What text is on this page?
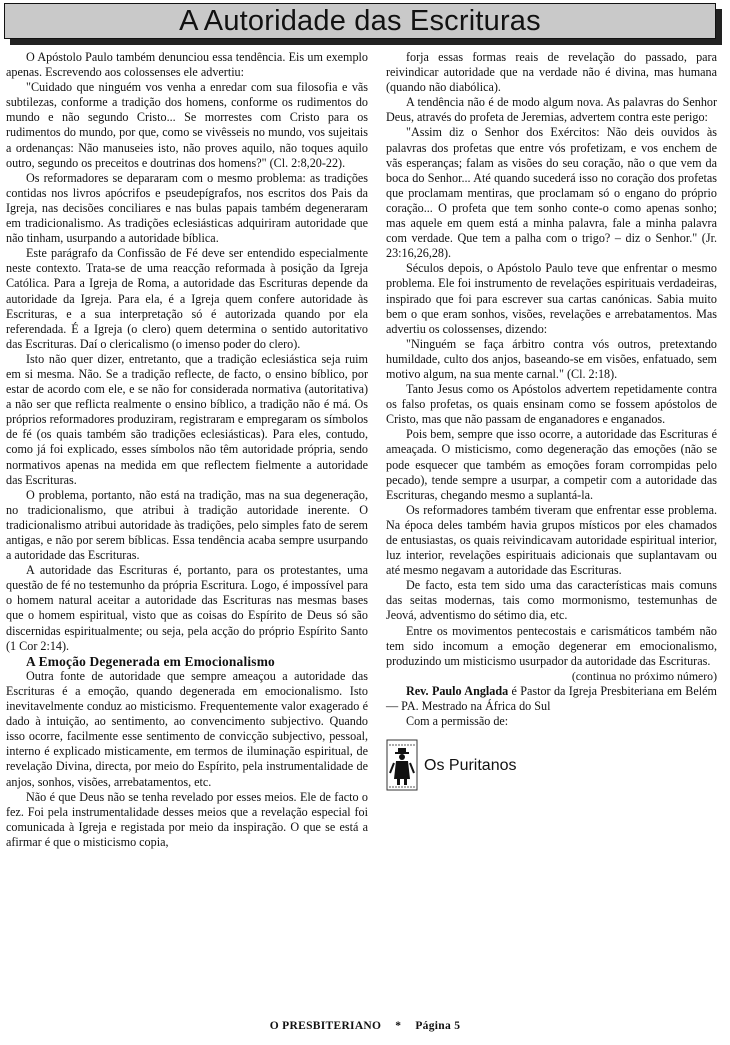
A Autoridade das Escrituras

O Apóstolo Paulo também denunciou essa tendência. Eis um exemplo apenas. Escrevendo aos colossenses ele advertiu:

"Cuidado que ninguém vos venha a enredar com sua filosofia e vãs subtilezas, conforme a tradição dos homens, conforme os rudimentos do mundo e não segundo Cristo... Se morrestes com Cristo para os rudimentos do mundo, por que, como se vivêsseis no mundo, vos sujeitais a ordenanças: Não manuseies isto, não proves aquilo, não toques aquilo outro, segundo os preceitos e doutrinas dos homens?" (Cl. 2:8,20-22).

Os reformadores se depararam com o mesmo problema: as tradições contidas nos livros apócrifos e pseudepígrafos, nos escritos dos Pais da Igreja, nas decisões conciliares e nas bulas papais também degeneraram em tradicionalismo. As tradições eclesiásticas adquiriram autoridade que não tinham, usurpando a autoridade bíblica.

Este parágrafo da Confissão de Fé deve ser entendido especialmente neste contexto. Trata-se de uma reacção reformada à posição da Igreja Católica. Para a Igreja de Roma, a autoridade das Escrituras depende da autoridade da Igreja. Para ela, é a Igreja quem confere autoridade às Escrituras, e a sua interpretação só é autorizada quando por ela referendada. É a Igreja (o clero) quem determina o sentido autoritativo das Escrituras. Daí o clericalismo (o imenso poder do clero).

Isto não quer dizer, entretanto, que a tradição eclesiástica seja ruim em si mesma. Não. Se a tradição reflecte, de facto, o ensino bíblico, por estar de acordo com ele, e se não for considerada normativa (autoritativa) a não ser que reflicta realmente o ensino bíblico, a tradição não é má. Os próprios reformadores produziram, registraram e empregaram os símbolos de fé (os quais também são tradições eclesiásticas). Para eles, contudo, como já foi explicado, esses símbolos não têm autoridade própria, sendo normativos apenas na medida em que reflectem fielmente a autoridade das Escrituras.

O problema, portanto, não está na tradição, mas na sua degeneração, no tradicionalismo, que atribui à tradição autoridade inerente. O tradicionalismo atribui autoridade às tradições, pelo simples fato de serem antigas, e não por serem bíblicas. Essa tendência acaba sempre usurpando a autoridade das Escrituras.

A autoridade das Escrituras é, portanto, para os protestantes, uma questão de fé no testemunho da própria Escritura. Logo, é impossível para o homem natural aceitar a autoridade das Escrituras nas mesmas bases que o homem espiritual, visto que as coisas do Espírito de Deus só são discernidas espiritualmente; ou seja, pela acção do próprio Espírito Santo (1 Cor 2:14).

A Emoção Degenerada em Emocionalismo

Outra fonte de autoridade que sempre ameaçou a autoridade das Escrituras é a emoção, quando degenerada em emocionalismo. Isto inevitavelmente conduz ao misticismo. Frequentemente valor exagerado é dado à intuição, ao sentimento, ao convencimento subjectivo. Quando isso ocorre, facilmente esse sentimento de convicção subjectivo, pessoal, interno é explicado misticamente, em termos de iluminação espiritual, de revelação Divina, directa, por meio do Espírito, pela instrumentalidade de anjos, sonhos, visões, arrebatamentos, etc.

Não é que Deus não se tenha revelado por esses meios. Ele de facto o fez. Foi pela instrumentalidade desses meios que a revelação especial foi comunicada à Igreja e registada por meio da inspiração. O que se está a afirmar é que o misticismo copia,

forja essas formas reais de revelação do passado, para reivindicar autoridade que na verdade não é divina, mas humana (quando não diabólica).

A tendência não é de modo algum nova. As palavras do Senhor Deus, através do profeta de Jeremias, advertem contra este perigo:

"Assim diz o Senhor dos Exércitos: Não deis ouvidos às palavras dos profetas que entre vós profetizam, e vos enchem de vãs esperanças; falam as visões do seu coração, não o que vem da boca do Senhor... Até quando sucederá isso no coração dos profetas que proclamam mentiras, que proclamam só o engano do próprio coração... O profeta que tem sonho conte-o como apenas sonho; mas aquele em quem está a minha palavra, fale a minha palavra com verdade. Que tem a palha com o trigo? – diz o Senhor." (Jr. 23:16,26,28).

Séculos depois, o Apóstolo Paulo teve que enfrentar o mesmo problema. Ele foi instrumento de revelações espirituais verdadeiras, inspirado que foi para escrever sua cartas canónicas. Sabia muito bem o que eram sonhos, visões, revelações e arrebatamentos. Mas advertiu os colossenses, dizendo:

"Ninguém se faça árbitro contra vós outros, pretextando humildade, culto dos anjos, baseando-se em visões, enfatuado, sem motivo algum, na sua mente carnal." (Cl. 2:18).

Tanto Jesus como os Apóstolos advertem repetidamente contra os falso profetas, os quais ensinam como se fossem apóstolos de Cristo, mas que não passam de enganadores e enganados.

Pois bem, sempre que isso ocorre, a autoridade das Escrituras é ameaçada. O misticismo, como degeneração das emoções (não se pode esquecer que também as emoções foram corrompidas pelo pecado), tende sempre a usurpar, a competir com a autoridade das Escrituras, chegando mesmo a suplantá-la.

Os reformadores também tiveram que enfrentar esse problema. Na época deles também havia grupos místicos por eles chamados de entusiastas, os quais reivindicavam autoridade espiritual interior, luz interior, revelações espirituais adicionais que suplantavam ou até mesmo negavam a autoridade das Escrituras.

De facto, esta tem sido uma das características mais comuns das seitas modernas, tais como mormonismo, testemunhas de Jeová, adventismo do sétimo dia, etc.

Entre os movimentos pentecostais e carismáticos também não tem sido incomum a emoção degenerar em emocionalismo, produzindo um misticismo usurpador da autoridade das Escrituras.

(continua no próximo número)

Rev. Paulo Anglada é Pastor da Igreja Presbiteriana em Belém — PA. Mestrado na África do Sul

Com a permissão de:

Os Puritanos
O PRESBITERIANO * Página 5
